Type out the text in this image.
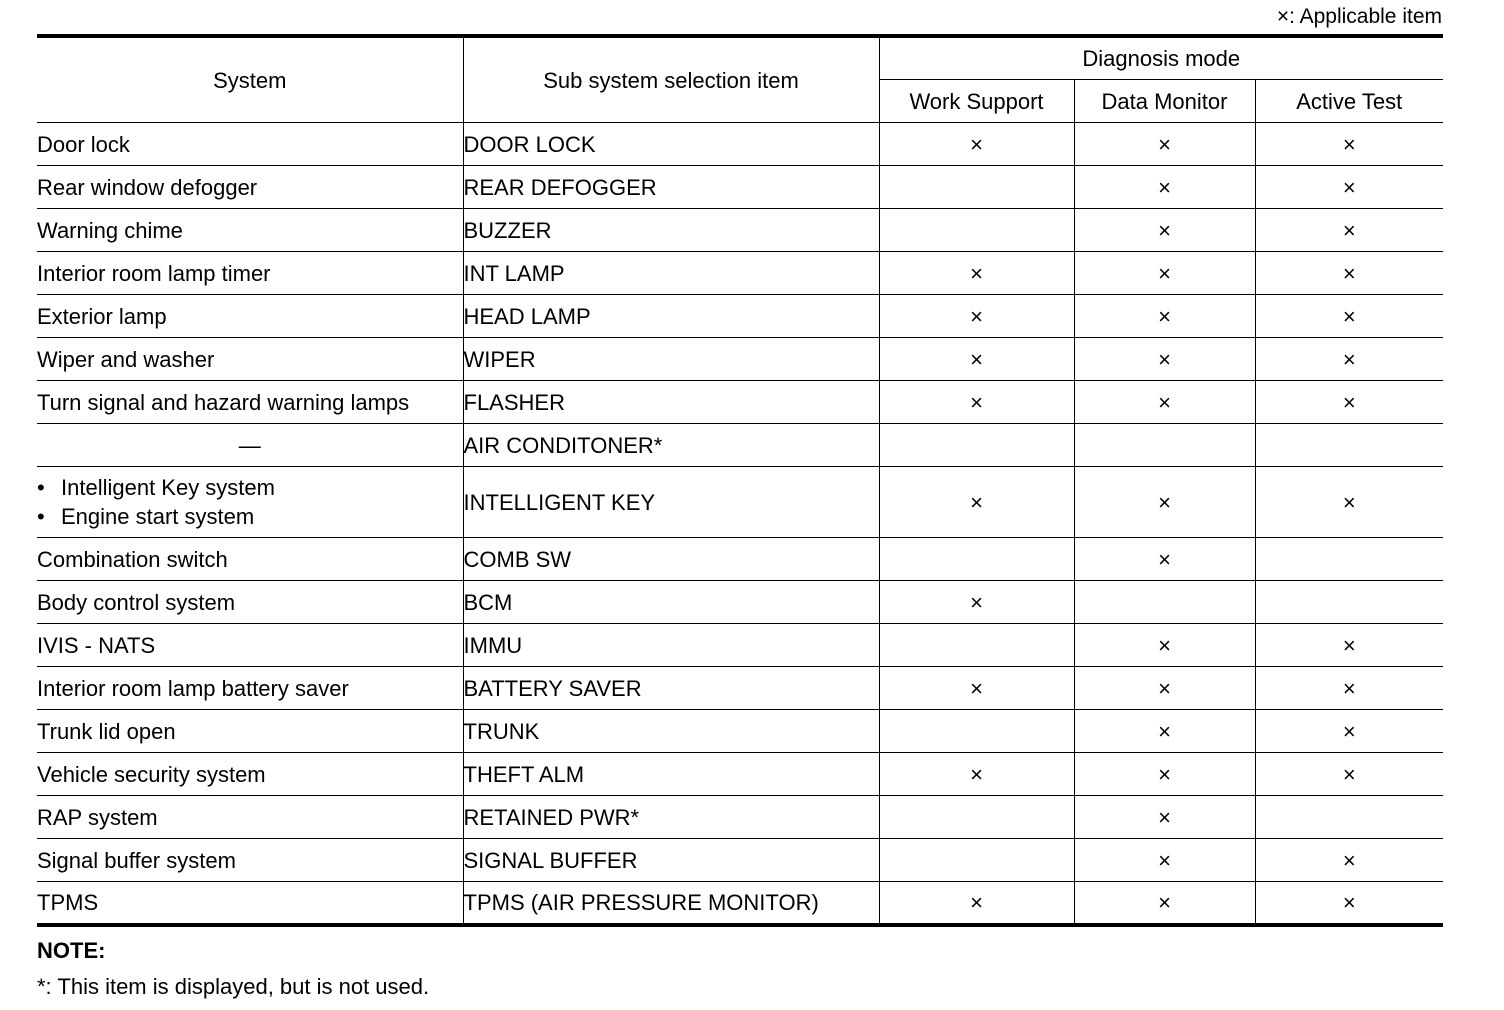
×: Applicable item
System	Sub system selection item	Diagnosis mode		
		Work Support	Data Monitor	Active Test
Door lock	DOOR LOCK	×	×	×
Rear window defogger	REAR DEFOGGER		×	×
Warning chime	BUZZER		×	×
Interior room lamp timer	INT LAMP	×	×	×
Exterior lamp	HEAD LAMP	×	×	×
Wiper and washer	WIPER	×	×	×
Turn signal and hazard warning lamps	FLASHER	×	×	×
—	AIR CONDITONER*			

• Intelligent Key system
• Engine start system	INTELLIGENT KEY	×	×	×
Combination switch	COMB SW		×	
Body control system	BCM	×		
IVIS - NATS	IMMU		×	×
Interior room lamp battery saver	BATTERY SAVER	×	×	×
Trunk lid open	TRUNK		×	×
Vehicle security system	THEFT ALM	×	×	×
RAP system	RETAINED PWR*		×	
Signal buffer system	SIGNAL BUFFER		×	×
TPMS	TPMS (AIR PRESSURE MONITOR)	×	×	×
NOTE:
*: This item is displayed, but is not used.
